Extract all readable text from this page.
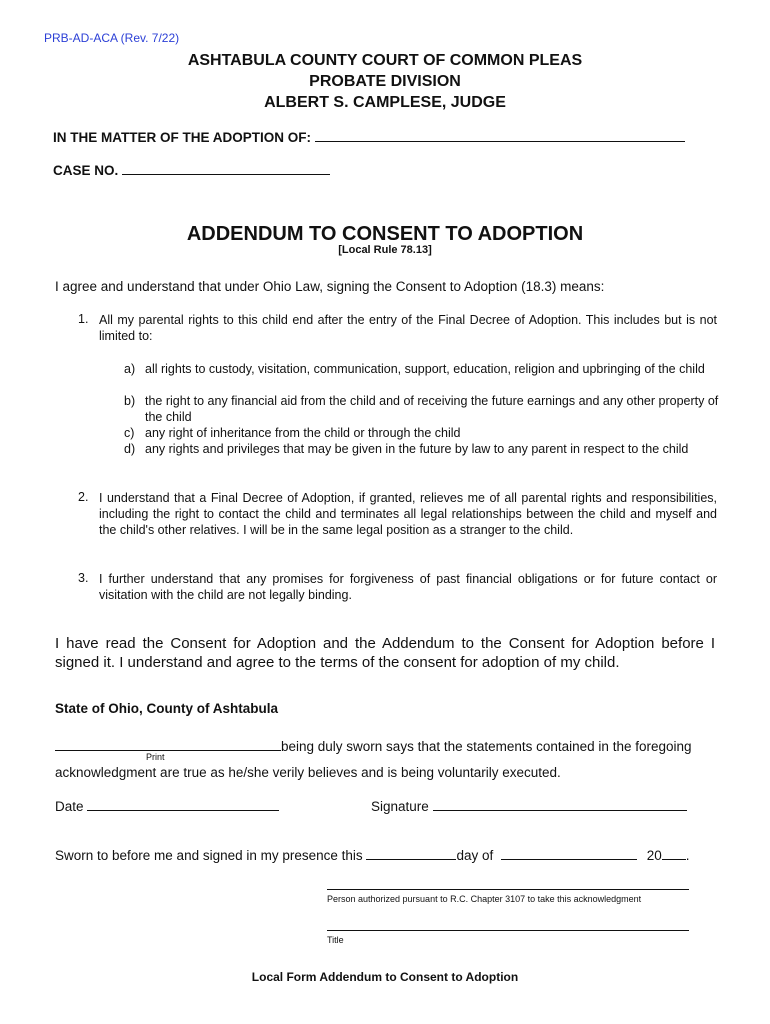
PRB-AD-ACA (Rev. 7/22)
ASHTABULA COUNTY COURT OF COMMON PLEAS
PROBATE DIVISION
ALBERT S. CAMPLESE, JUDGE
IN THE MATTER OF THE ADOPTION OF:
CASE NO.
ADDENDUM TO CONSENT TO ADOPTION
[Local Rule 78.13]
I agree and understand that under Ohio Law, signing the Consent to Adoption (18.3) means:
1. All my parental rights to this child end after the entry of the Final Decree of Adoption. This includes but is not limited to:
a) all rights to custody, visitation, communication, support, education, religion and upbringing of the child
b) the right to any financial aid from the child and of receiving the future earnings and any other property of the child
c) any right of inheritance from the child or through the child
d) any rights and privileges that may be given in the future by law to any parent in respect to the child
2. I understand that a Final Decree of Adoption, if granted, relieves me of all parental rights and responsibilities, including the right to contact the child and terminates all legal relationships between the child and myself and the child's other relatives. I will be in the same legal position as a stranger to the child.
3. I further understand that any promises for forgiveness of past financial obligations or for future contact or visitation with the child are not legally binding.
I have read the Consent for Adoption and the Addendum to the Consent for Adoption before I signed it. I understand and agree to the terms of the consent for adoption of my child.
State of Ohio, County of Ashtabula
being duly sworn says that the statements contained in the foregoing
Print
acknowledgment are true as he/she verily believes and is being voluntarily executed.
Date	Signature
Sworn to before me and signed in my presence this	day of	20 .
Person authorized pursuant to R.C. Chapter 3107 to take this acknowledgment
Title
Local Form Addendum to Consent to Adoption
